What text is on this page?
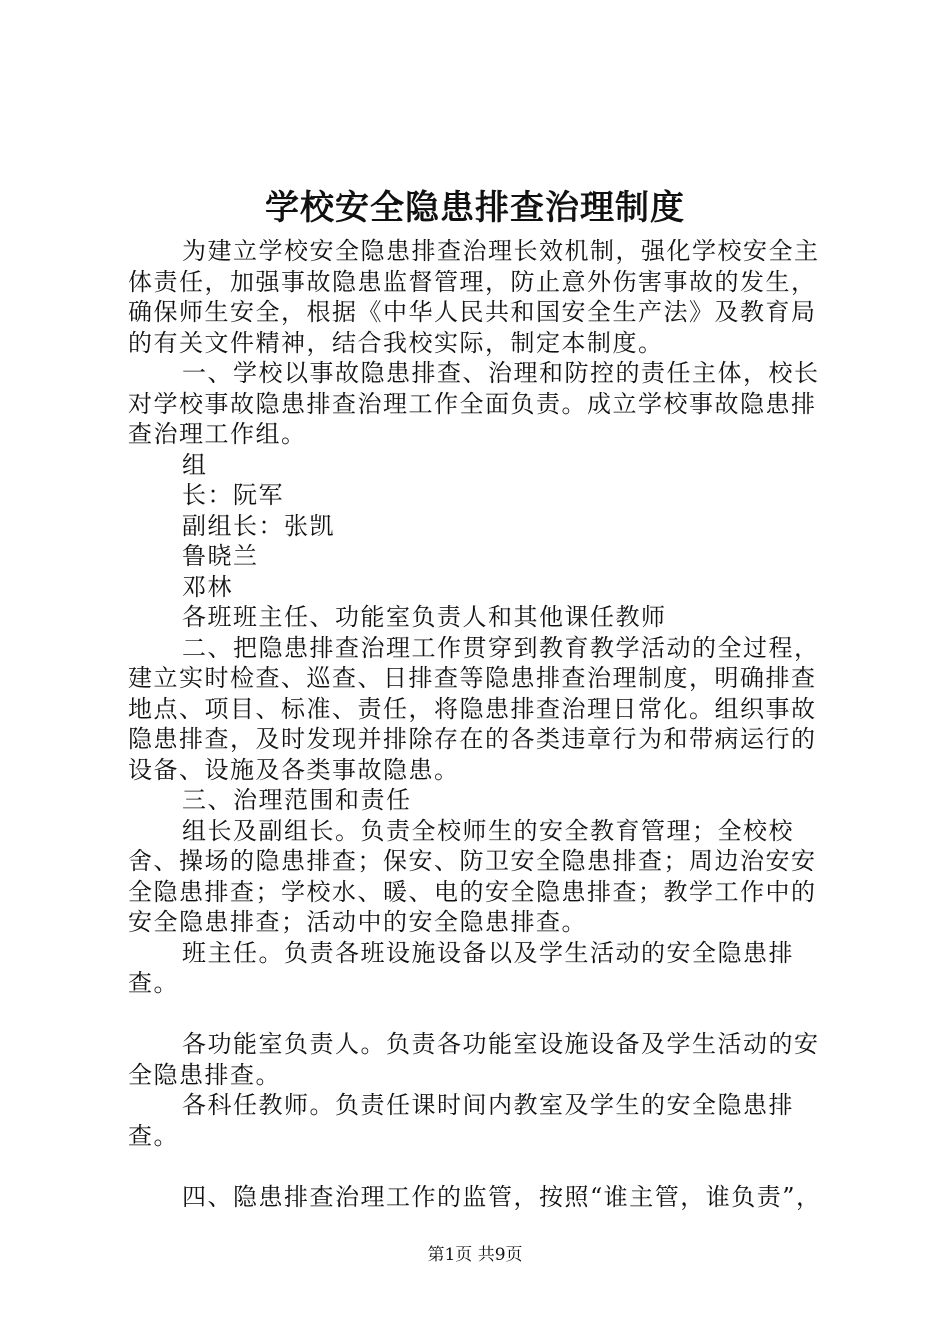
学校安全隐患排查治理制度

为建立学校安全隐患排查治理长效机制，强化学校安全主体责任，加强事故隐患监督管理，防止意外伤害事故的发生，确保师生安全，根据《中华人民共和国安全生产法》及教育局的有关文件精神，结合我校实际，制定本制度。

一、学校以事故隐患排查、治理和防控的责任主体，校长对学校事故隐患排查治理工作全面负责。成立学校事故隐患排查治理工作组。

组

长：阮军

副组长：张凯

鲁晓兰

邓林

各班班主任、功能室负责人和其他课任教师

二、把隐患排查治理工作贯穿到教育教学活动的全过程，建立实时检查、巡查、日排查等隐患排查治理制度，明确排查地点、项目、标准、责任，将隐患排查治理日常化。组织事故隐患排查，及时发现并排除存在的各类违章行为和带病运行的设备、设施及各类事故隐患。

三、治理范围和责任

组长及副组长。负责全校师生的安全教育管理；全校校舍、操场的隐患排查；保安、防卫安全隐患排查；周边治安安全隐患排查；学校水、暖、电的安全隐患排查；教学工作中的安全隐患排查；活动中的安全隐患排查。

班主任。负责各班设施设备以及学生活动的安全隐患排查。

各功能室负责人。负责各功能室设施设备及学生活动的安全隐患排查。

各科任教师。负责任课时间内教室及学生的安全隐患排查。

四、隐患排查治理工作的监管，按照“谁主管，谁负责”，

第1页 共9页
